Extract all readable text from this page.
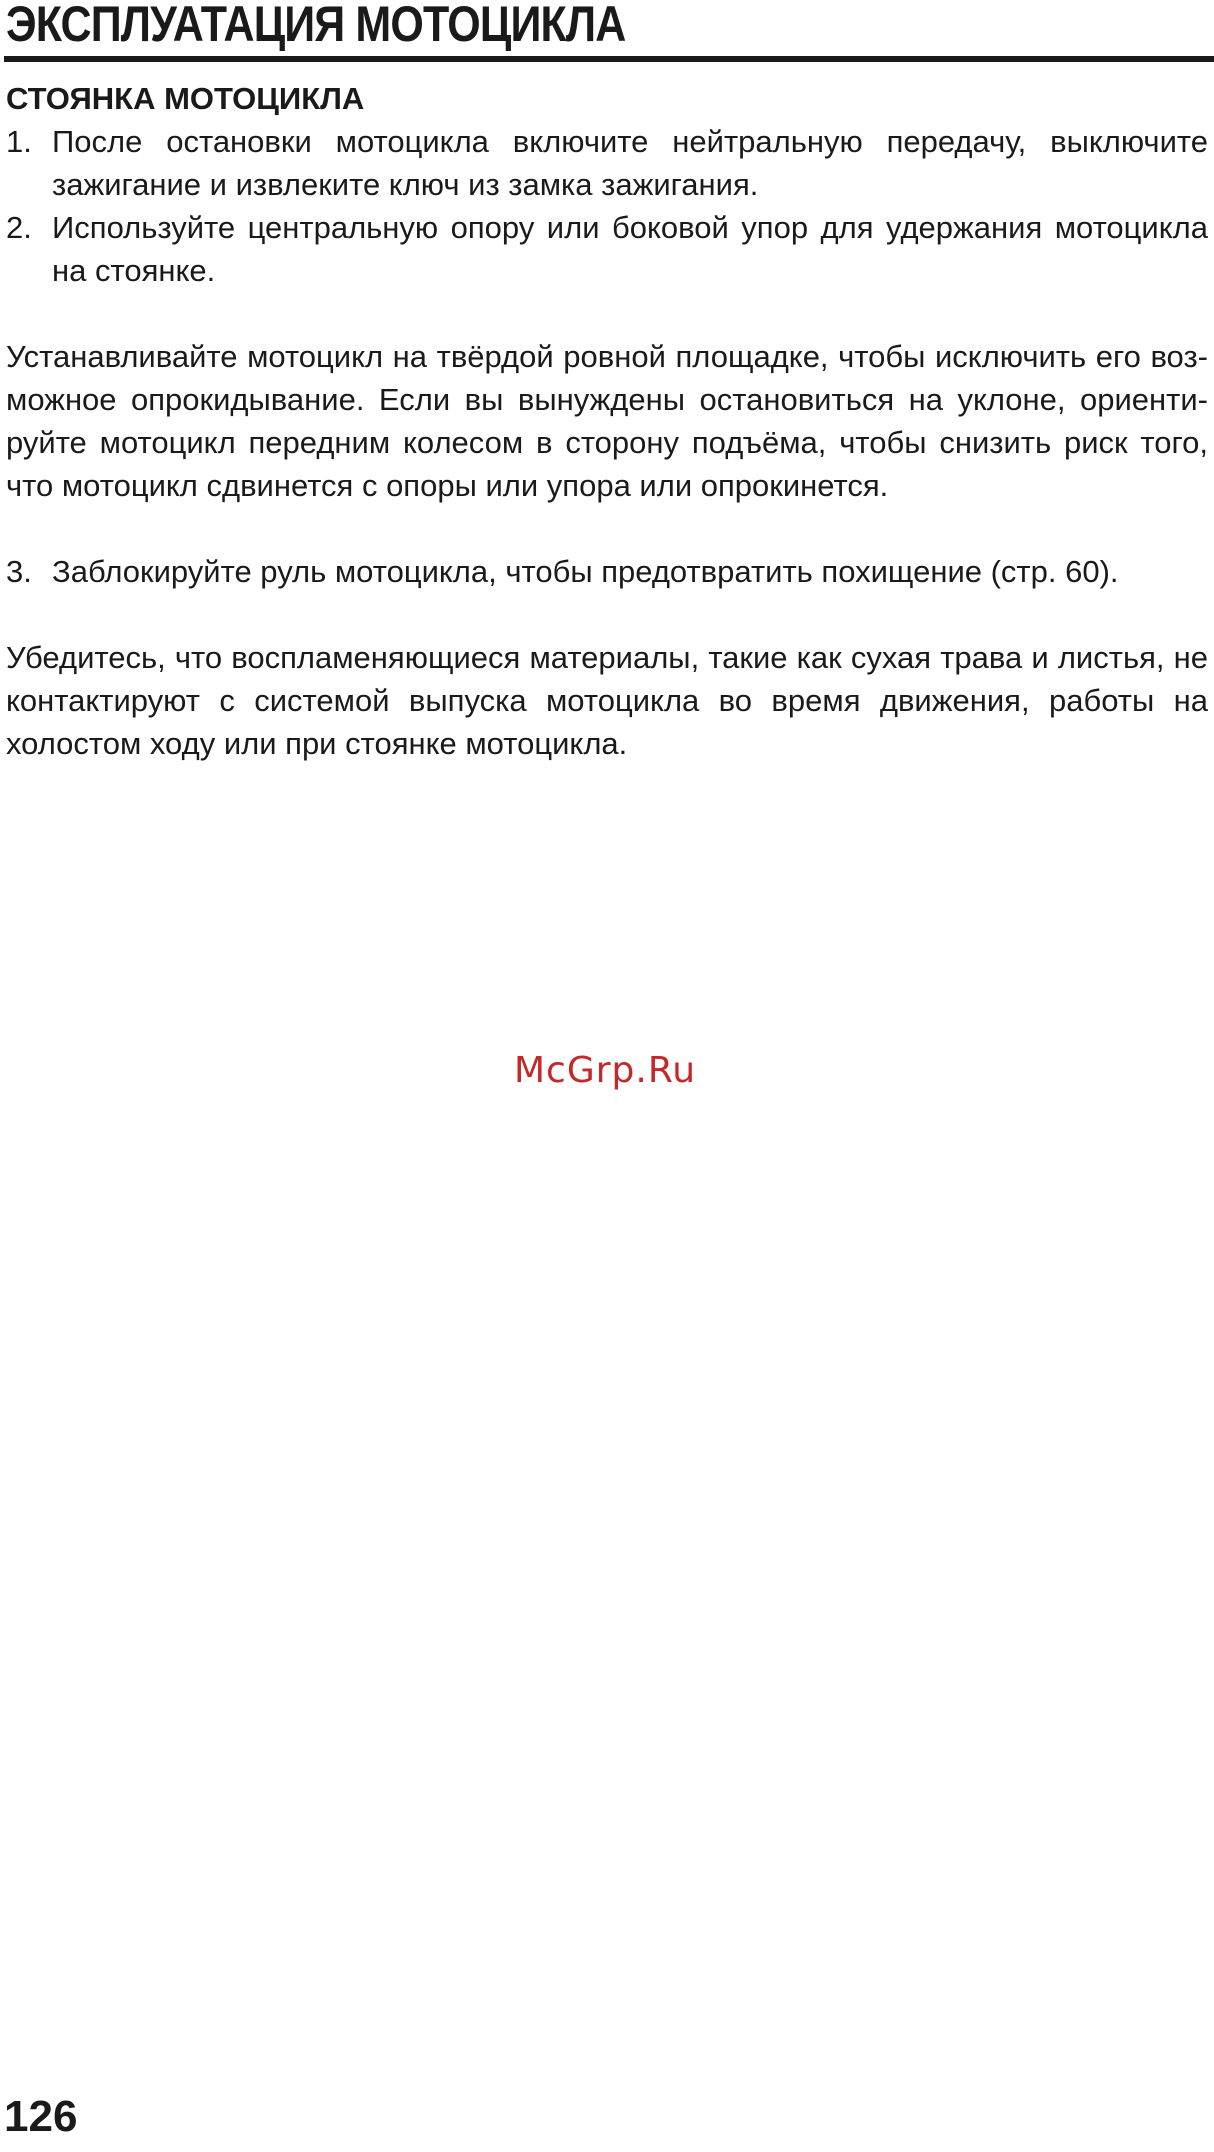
ЭКСПЛУАТАЦИЯ МОТОЦИКЛА
СТОЯНКА МОТОЦИКЛА
1. После остановки мотоцикла включите нейтральную передачу, выключите зажигание и извлеките ключ из замка зажигания.
2. Используйте центральную опору или боковой упор для удержания мотоцикла на стоянке.

Устанавливайте мотоцикл на твёрдой ровной площадке, чтобы исключить его возможное опрокидывание. Если вы вынуждены остановиться на уклоне, ориентируйте мотоцикл передним колесом в сторону подъёма, чтобы снизить риск того, что мотоцикл сдвинется с опоры или упора или опрокинется.

3. Заблокируйте руль мотоцикла, чтобы предотвратить похищение (стр. 60).

Убедитесь, что воспламеняющиеся материалы, такие как сухая трава и листья, не контактируют с системой выпуска мотоцикла во время движения, работы на холостом ходу или при стоянке мотоцикла.

McGrp.Ru
126
